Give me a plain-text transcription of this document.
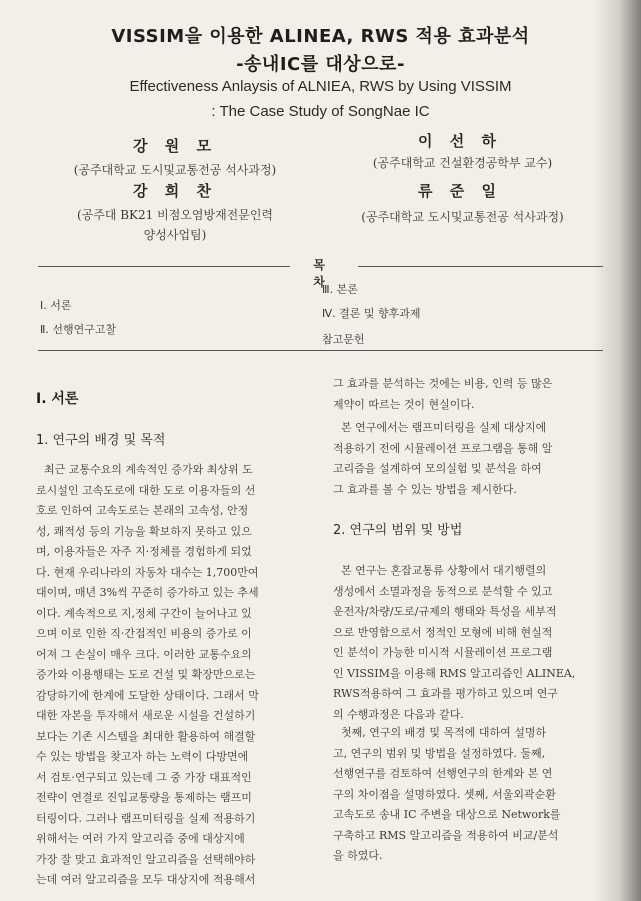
VISSIM을 이용한 ALINEA, RWS 적용 효과분석
-송내IC를 대상으로-
Effectiveness Anlaysis of ALNIEA, RWS by Using VISSIM
: The Case Study of SongNae IC
강 원 모
(공주대학교 도시및교통전공 석사과정)
강 희 찬
(공주대 BK21 비점오염방재전문인력
양성사업팀)
이 선 하
(공주대학교 건설환경공학부 교수)
류 준 일
(공주대학교 도시및교통전공 석사과정)
목 차
Ⅰ. 서론
Ⅱ. 선행연구고찰
Ⅲ. 본론
Ⅳ. 결론 및 향후과제
참고문헌
Ⅰ. 서론
1. 연구의 배경 및 목적
최근 교통수요의 계속적인 증가와 최상위 도
로시설인 고속도로에 대한 도로 이용자들의 선
호로 인하여 고속도로는 본래의 고속성, 안정
성, 쾌적성 등의 기능을 확보하지 못하고 있으
며, 이용자들은 자주 지·정체를 경험하게 되었
다. 현재 우리나라의 자동차 대수는 1,700만여
대이며, 매년 3%씩 꾸준히 증가하고 있는 추세
이다. 계속적으로 지,정체 구간이 늘어나고 있
으며 이로 인한 직·간접적인 비용의 증가로 이
어져 그 손실이 매우 크다. 이러한 교통수요의
증가와 이용행태는 도로 건설 및 확장만으로는
감당하기에 한계에 도달한 상태이다. 그래서 막
대한 자본을 투자해서 새로운 시설을 건설하기
보다는 기존 시스템을 최대한 활용하여 해결할
수 있는 방법을 찾고자 하는 노력이 다방면에
서 검토·연구되고 있는데 그 중 가장 대표적인
전략이 연결로 진입교통량을 통제하는 램프미
터링이다. 그러나 램프미터링을 실제 적용하기
위해서는 여러 가지 알고리즘 중에 대상지에
가장 잘 맞고 효과적인 알고리즘을 선택해야하
는데 여러 알고리즘을 모두 대상지에 적용해서
그 효과를 분석하는 것에는 비용, 인력 등 많은
제약이 따르는 것이 현실이다.
본 연구에서는 램프미터링을 실제 대상지에
적용하기 전에 시뮬레이션 프로그램을 통해 알
고리즘을 설계하여 모의실험 및 분석을 하여
그 효과를 볼 수 있는 방법을 제시한다.
2. 연구의 범위 및 방법
본 연구는 혼잡교통류 상황에서 대기행렬의
생성에서 소멸과정을 동적으로 분석할 수 있고
운전자/차량/도로/규제의 행태와 특성을 세부적
으로 반영함으로서 정적인 모형에 비해 현실적
인 분석이 가능한 미시적 시뮬레이션 프로그램
인 VISSIM을 이용해 RMS 알고리즘인 ALINEA,
RWS적용하여 그 효과를 평가하고 있으며 연구
의 수행과정은 다음과 같다.
첫째, 연구의 배경 및 목적에 대하여 설명하
고, 연구의 범위 및 방법을 설정하였다. 둘째,
선행연구를 검토하여 선행연구의 한계와 본 연
구의 차이점을 설명하였다. 셋째, 서울외곽순환
고속도로 송내 IC 주변을 대상으로 Network를
구축하고 RMS 알고리즘을 적용하여 비교/분석
을 하였다.
